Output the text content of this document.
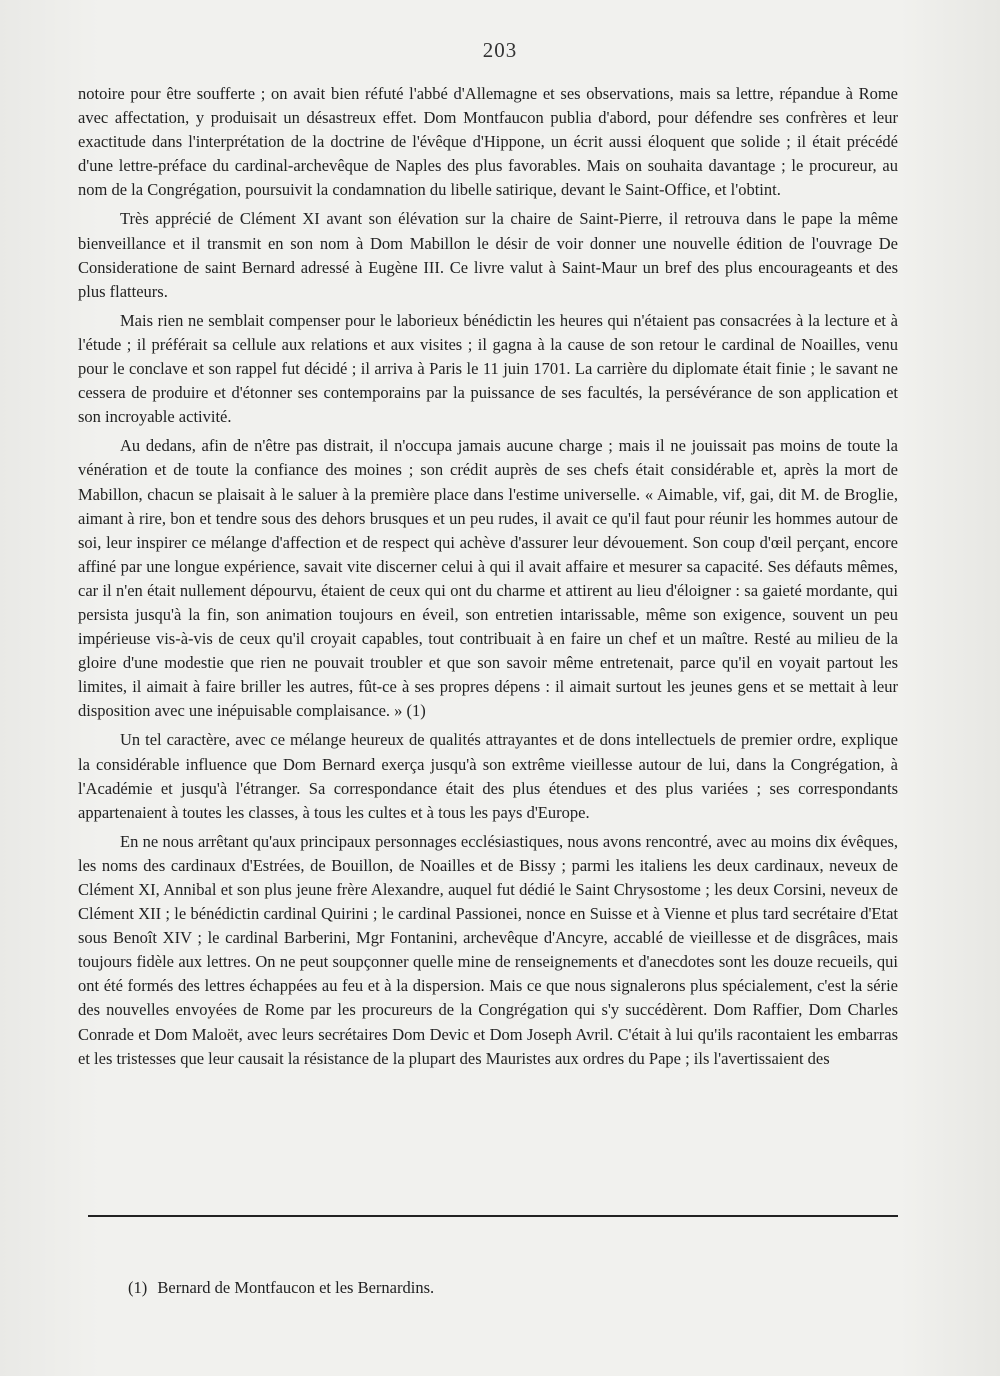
203

notoire pour être soufferte ; on avait bien réfuté l'abbé d'Allemagne et ses observations, mais sa lettre, répandue à Rome avec affectation, y produisait un désastreux effet. Dom Montfaucon publia d'abord, pour défendre ses confrères et leur exactitude dans l'interprétation de la doctrine de l'évêque d'Hippone, un écrit aussi éloquent que solide ; il était précédé d'une lettre-préface du cardinal-archevêque de Naples des plus favorables. Mais on souhaita davantage ; le procureur, au nom de la Congrégation, poursuivit la condamnation du libelle satirique, devant le Saint-Office, et l'obtint.

Très apprécié de Clément XI avant son élévation sur la chaire de Saint-Pierre, il retrouva dans le pape la même bienveillance et il transmit en son nom à Dom Mabillon le désir de voir donner une nouvelle édition de l'ouvrage De Consideratione de saint Bernard adressé à Eugène III. Ce livre valut à Saint-Maur un bref des plus encourageants et des plus flatteurs.

Mais rien ne semblait compenser pour le laborieux bénédictin les heures qui n'étaient pas consacrées à la lecture et à l'étude ; il préférait sa cellule aux relations et aux visites ; il gagna à la cause de son retour le cardinal de Noailles, venu pour le conclave et son rappel fut décidé ; il arriva à Paris le 11 juin 1701. La carrière du diplomate était finie ; le savant ne cessera de produire et d'étonner ses contemporains par la puissance de ses facultés, la persévérance de son application et son incroyable activité.

Au dedans, afin de n'être pas distrait, il n'occupa jamais aucune charge ; mais il ne jouissait pas moins de toute la vénération et de toute la confiance des moines ; son crédit auprès de ses chefs était considérable et, après la mort de Mabillon, chacun se plaisait à le saluer à la première place dans l'estime universelle. « Aimable, vif, gai, dit M. de Broglie, aimant à rire, bon et tendre sous des dehors brusques et un peu rudes, il avait ce qu'il faut pour réunir les hommes autour de soi, leur inspirer ce mélange d'affection et de respect qui achève d'assurer leur dévouement. Son coup d'œil perçant, encore affiné par une longue expérience, savait vite discerner celui à qui il avait affaire et mesurer sa capacité. Ses défauts mêmes, car il n'en était nullement dépourvu, étaient de ceux qui ont du charme et attirent au lieu d'éloigner : sa gaieté mordante, qui persista jusqu'à la fin, son animation toujours en éveil, son entretien intarissable, même son exigence, souvent un peu impérieuse vis-à-vis de ceux qu'il croyait capables, tout contribuait à en faire un chef et un maître. Resté au milieu de la gloire d'une modestie que rien ne pouvait troubler et que son savoir même entretenait, parce qu'il en voyait partout les limites, il aimait à faire briller les autres, fût-ce à ses propres dépens : il aimait surtout les jeunes gens et se mettait à leur disposition avec une inépuisable complaisance. » (1)

Un tel caractère, avec ce mélange heureux de qualités attrayantes et de dons intellectuels de premier ordre, explique la considérable influence que Dom Bernard exerça jusqu'à son extrême vieillesse autour de lui, dans la Congrégation, à l'Académie et jusqu'à l'étranger. Sa correspondance était des plus étendues et des plus variées ; ses correspondants appartenaient à toutes les classes, à tous les cultes et à tous les pays d'Europe.

En ne nous arrêtant qu'aux principaux personnages ecclésiastiques, nous avons rencontré, avec au moins dix évêques, les noms des cardinaux d'Estrées, de Bouillon, de Noailles et de Bissy ; parmi les italiens les deux cardinaux, neveux de Clément XI, Annibal et son plus jeune frère Alexandre, auquel fut dédié le Saint Chrysostome ; les deux Corsini, neveux de Clément XII ; le bénédictin cardinal Quirini ; le cardinal Passionei, nonce en Suisse et à Vienne et plus tard secrétaire d'Etat sous Benoît XIV ; le cardinal Barberini, Mgr Fontanini, archevêque d'Ancyre, accablé de vieillesse et de disgrâces, mais toujours fidèle aux lettres. On ne peut soupçonner quelle mine de renseignements et d'anecdotes sont les douze recueils, qui ont été formés des lettres échappées au feu et à la dispersion. Mais ce que nous signalerons plus spécialement, c'est la série des nouvelles envoyées de Rome par les procureurs de la Congrégation qui s'y succédèrent. Dom Raffier, Dom Charles Conrade et Dom Maloët, avec leurs secrétaires Dom Devic et Dom Joseph Avril. C'était à lui qu'ils racontaient les embarras et les tristesses que leur causait la résistance de la plupart des Mauristes aux ordres du Pape ; ils l'avertissaient des

(1) Bernard de Montfaucon et les Bernardins.
